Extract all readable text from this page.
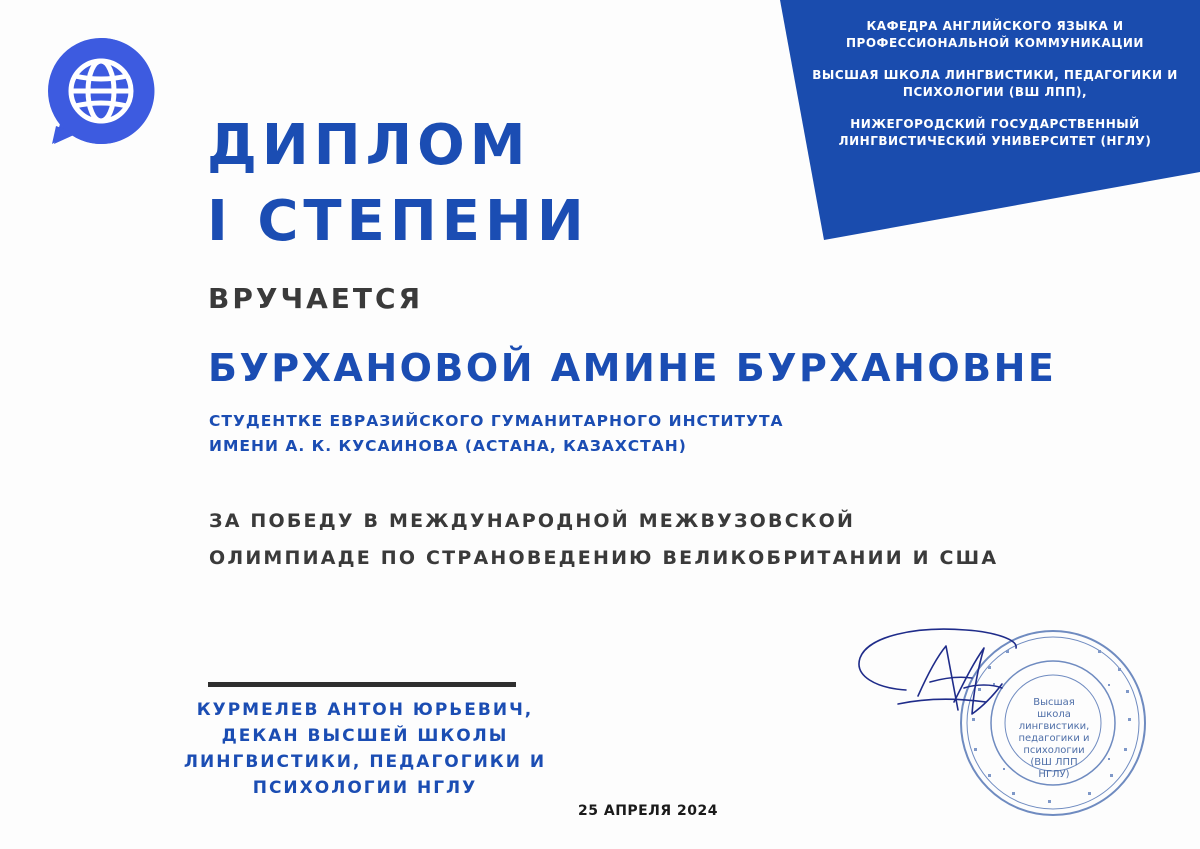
КАФЕДРА АНГЛИЙСКОГО ЯЗЫКА И ПРОФЕССИОНАЛЬНОЙ КОММУНИКАЦИИ

ВЫСШАЯ ШКОЛА ЛИНГВИСТИКИ, ПЕДАГОГИКИ И ПСИХОЛОГИИ (ВШ ЛПП),

НИЖЕГОРОДСКИЙ ГОСУДАРСТВЕННЫЙ ЛИНГВИСТИЧЕСКИЙ УНИВЕРСИТЕТ (НГЛУ)

ДИПЛОМ
I СТЕПЕНИ

ВРУЧАЕТСЯ

БУРХАНОВОЙ АМИНЕ БУРХАНОВНЕ

СТУДЕНТКЕ ЕВРАЗИЙСКОГО ГУМАНИТАРНОГО ИНСТИТУТА
ИМЕНИ А. К. КУСАИНОВА (АСТАНА, КАЗАХСТАН)

ЗА ПОБЕДУ В МЕЖДУНАРОДНОЙ МЕЖВУЗОВСКОЙ
ОЛИМПИАДЕ ПО СТРАНОВЕДЕНИЮ ВЕЛИКОБРИТАНИИ И США

КУРМЕЛЕВ АНТОН ЮРЬЕВИЧ,
ДЕКАН ВЫСШЕЙ ШКОЛЫ
ЛИНГВИСТИКИ, ПЕДАГОГИКИ И
ПСИХОЛОГИИ НГЛУ

25 АПРЕЛЯ 2024

Высшая
школа
лингвистики,
педагогики и
психологии
(ВШ ЛПП
НГЛУ)
